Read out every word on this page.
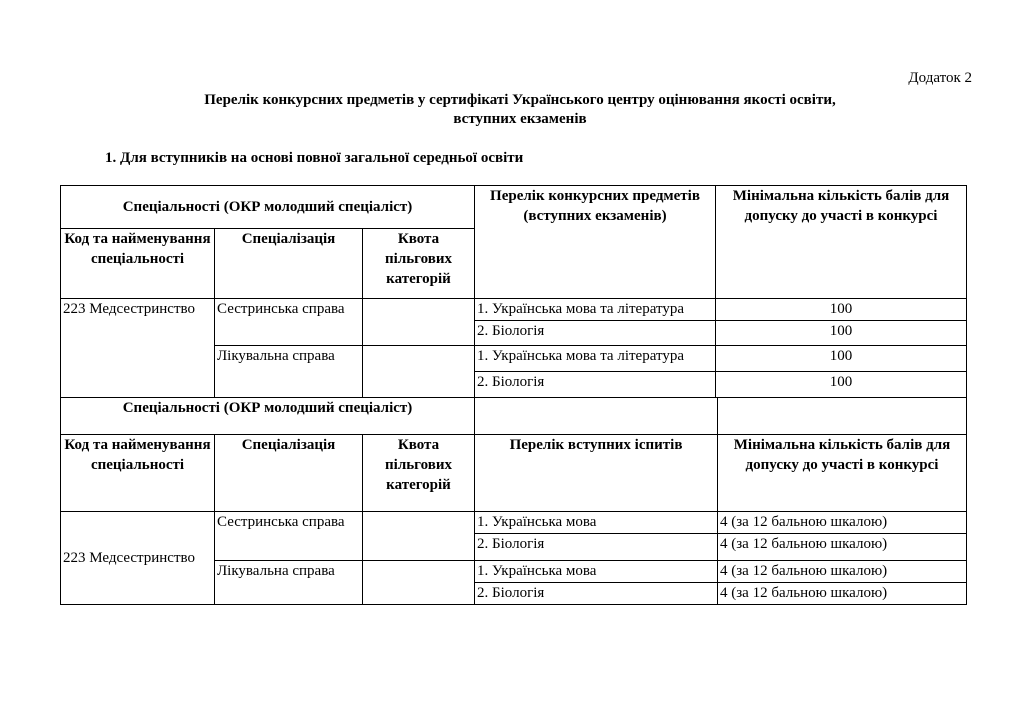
Додаток 2
Перелік конкурсних предметів у сертифікаті Українського центру оцінювання якості освіти,
вступних екзаменів
1. Для вступників на основі повної загальної середньої освіти
Спеціальності (ОКР молодший спеціаліст)			Перелік конкурсних предметів (вступних екзаменів)	Мінімальна кількість балів для допуску до участі в конкурсі
Код та найменування спеціальності	Спеціалізація	Квота пільгових категорій		
223 Медсестринство	Сестринська справа		1. Українська мова та література	100
			2. Біологія	100
	Лікувальна справа		1. Українська мова та література	100
			2. Біологія	100
Спеціальності (ОКР молодший спеціаліст)				
Код та найменування спеціальності	Спеціалізація	Квота пільгових категорій	Перелік вступних іспитів	Мінімальна кількість балів для допуску до участі в конкурсі
223 Медсестринство	Сестринська справа		1. Українська мова	4 (за 12 бальною шкалою)
			2. Біологія	4 (за 12 бальною шкалою)
	Лікувальна справа		1. Українська мова	4 (за 12 бальною шкалою)
			2. Біологія	4 (за 12 бальною шкалою)
